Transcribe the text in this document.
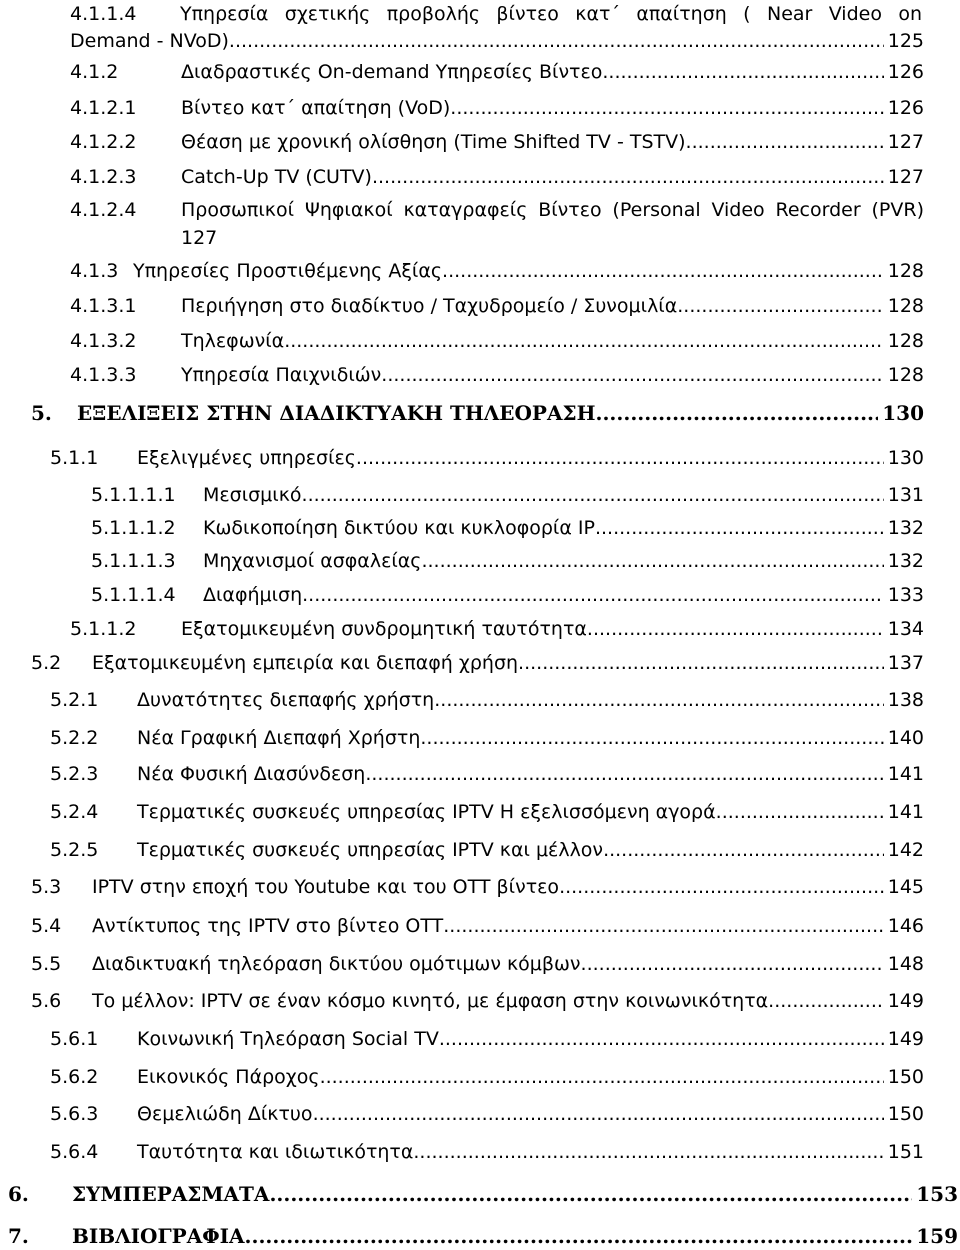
4.1.1.4 Υπηρεσία σχετικής προβολής βίντεο κατ΄ απαίτηση ( Near Video on
Demand - NVoD) .....	125
4.1.2	Διαδραστικές On-demand Υπηρεσίες Βίντεο .....	126
4.1.2.1	Βίντεο κατ΄ απαίτηση (VoD) .....	126
4.1.2.2	Θέαση με χρονική ολίσθηση (Time Shifted TV - TSTV) .....	127
4.1.2.3	Catch-Up TV (CUTV) .....	127
4.1.2.4 Προσωπικοί Ψηφιακοί καταγραφείς Βίντεο (Personal Video Recorder (PVR)
127
4.1.3 Υπηρεσίες Προστιθέμενης Αξίας .....	128
4.1.3.1	Περιήγηση στο διαδίκτυο / Ταχυδρομείο / Συνομιλία .....	128
4.1.3.2	Τηλεφωνία .....	128
4.1.3.3	Υπηρεσία Παιχνιδιών .....	128
5.	ΕΞΕΛΙΞΕΙΣ ΣΤΗΝ ΔΙΑΔΙΚΤΥΑΚΗ ΤΗΛΕΟΡΑΣΗ .....	130
5.1.1	Εξελιγμένες υπηρεσίες .....	130
5.1.1.1.1	Μεσισμικό .....	131
5.1.1.1.2	Κωδικοποίηση δικτύου και κυκλοφορία IP .....	132
5.1.1.1.3	Μηχανισμοί ασφαλείας .....	132
5.1.1.1.4	Διαφήμιση .....	133
5.1.1.2	Εξατομικευμένη συνδρομητική ταυτότητα .....	134
5.2	Εξατομικευμένη εμπειρία και διεπαφή χρήση .....	137
5.2.1	Δυνατότητες διεπαφής χρήστη .....	138
5.2.2	Νέα Γραφική Διεπαφή Χρήστη .....	140
5.2.3	Νέα Φυσική Διασύνδεση .....	141
5.2.4	Τερματικές συσκευές υπηρεσίας IPTV Η εξελισσόμενη αγορά .....	141
5.2.5	Τερματικές συσκευές υπηρεσίας IPTV και μέλλον .....	142
5.3	IPTV στην εποχή του Youtube και του OTT βίντεο .....	145
5.4	Αντίκτυπος της IPTV στο βίντεο OTT .....	146
5.5	Διαδικτυακή τηλεόραση δικτύου ομότιμων κόμβων .....	148
5.6	Το μέλλον: IPTV σε έναν κόσμο κινητό, με έμφαση στην κοινωνικότητα .....	149
5.6.1	Κοινωνική Τηλεόραση Social TV .....	149
5.6.2	Εικονικός Πάροχος .....	150
5.6.3	Θεμελιώδη Δίκτυο .....	150
5.6.4	Ταυτότητα και ιδιωτικότητα .....	151
6.	ΣΥΜΠΕΡΑΣΜΑΤΑ .....	153
7.	ΒΙΒΛΙΟΓΡΑΦΙΑ .....	159
